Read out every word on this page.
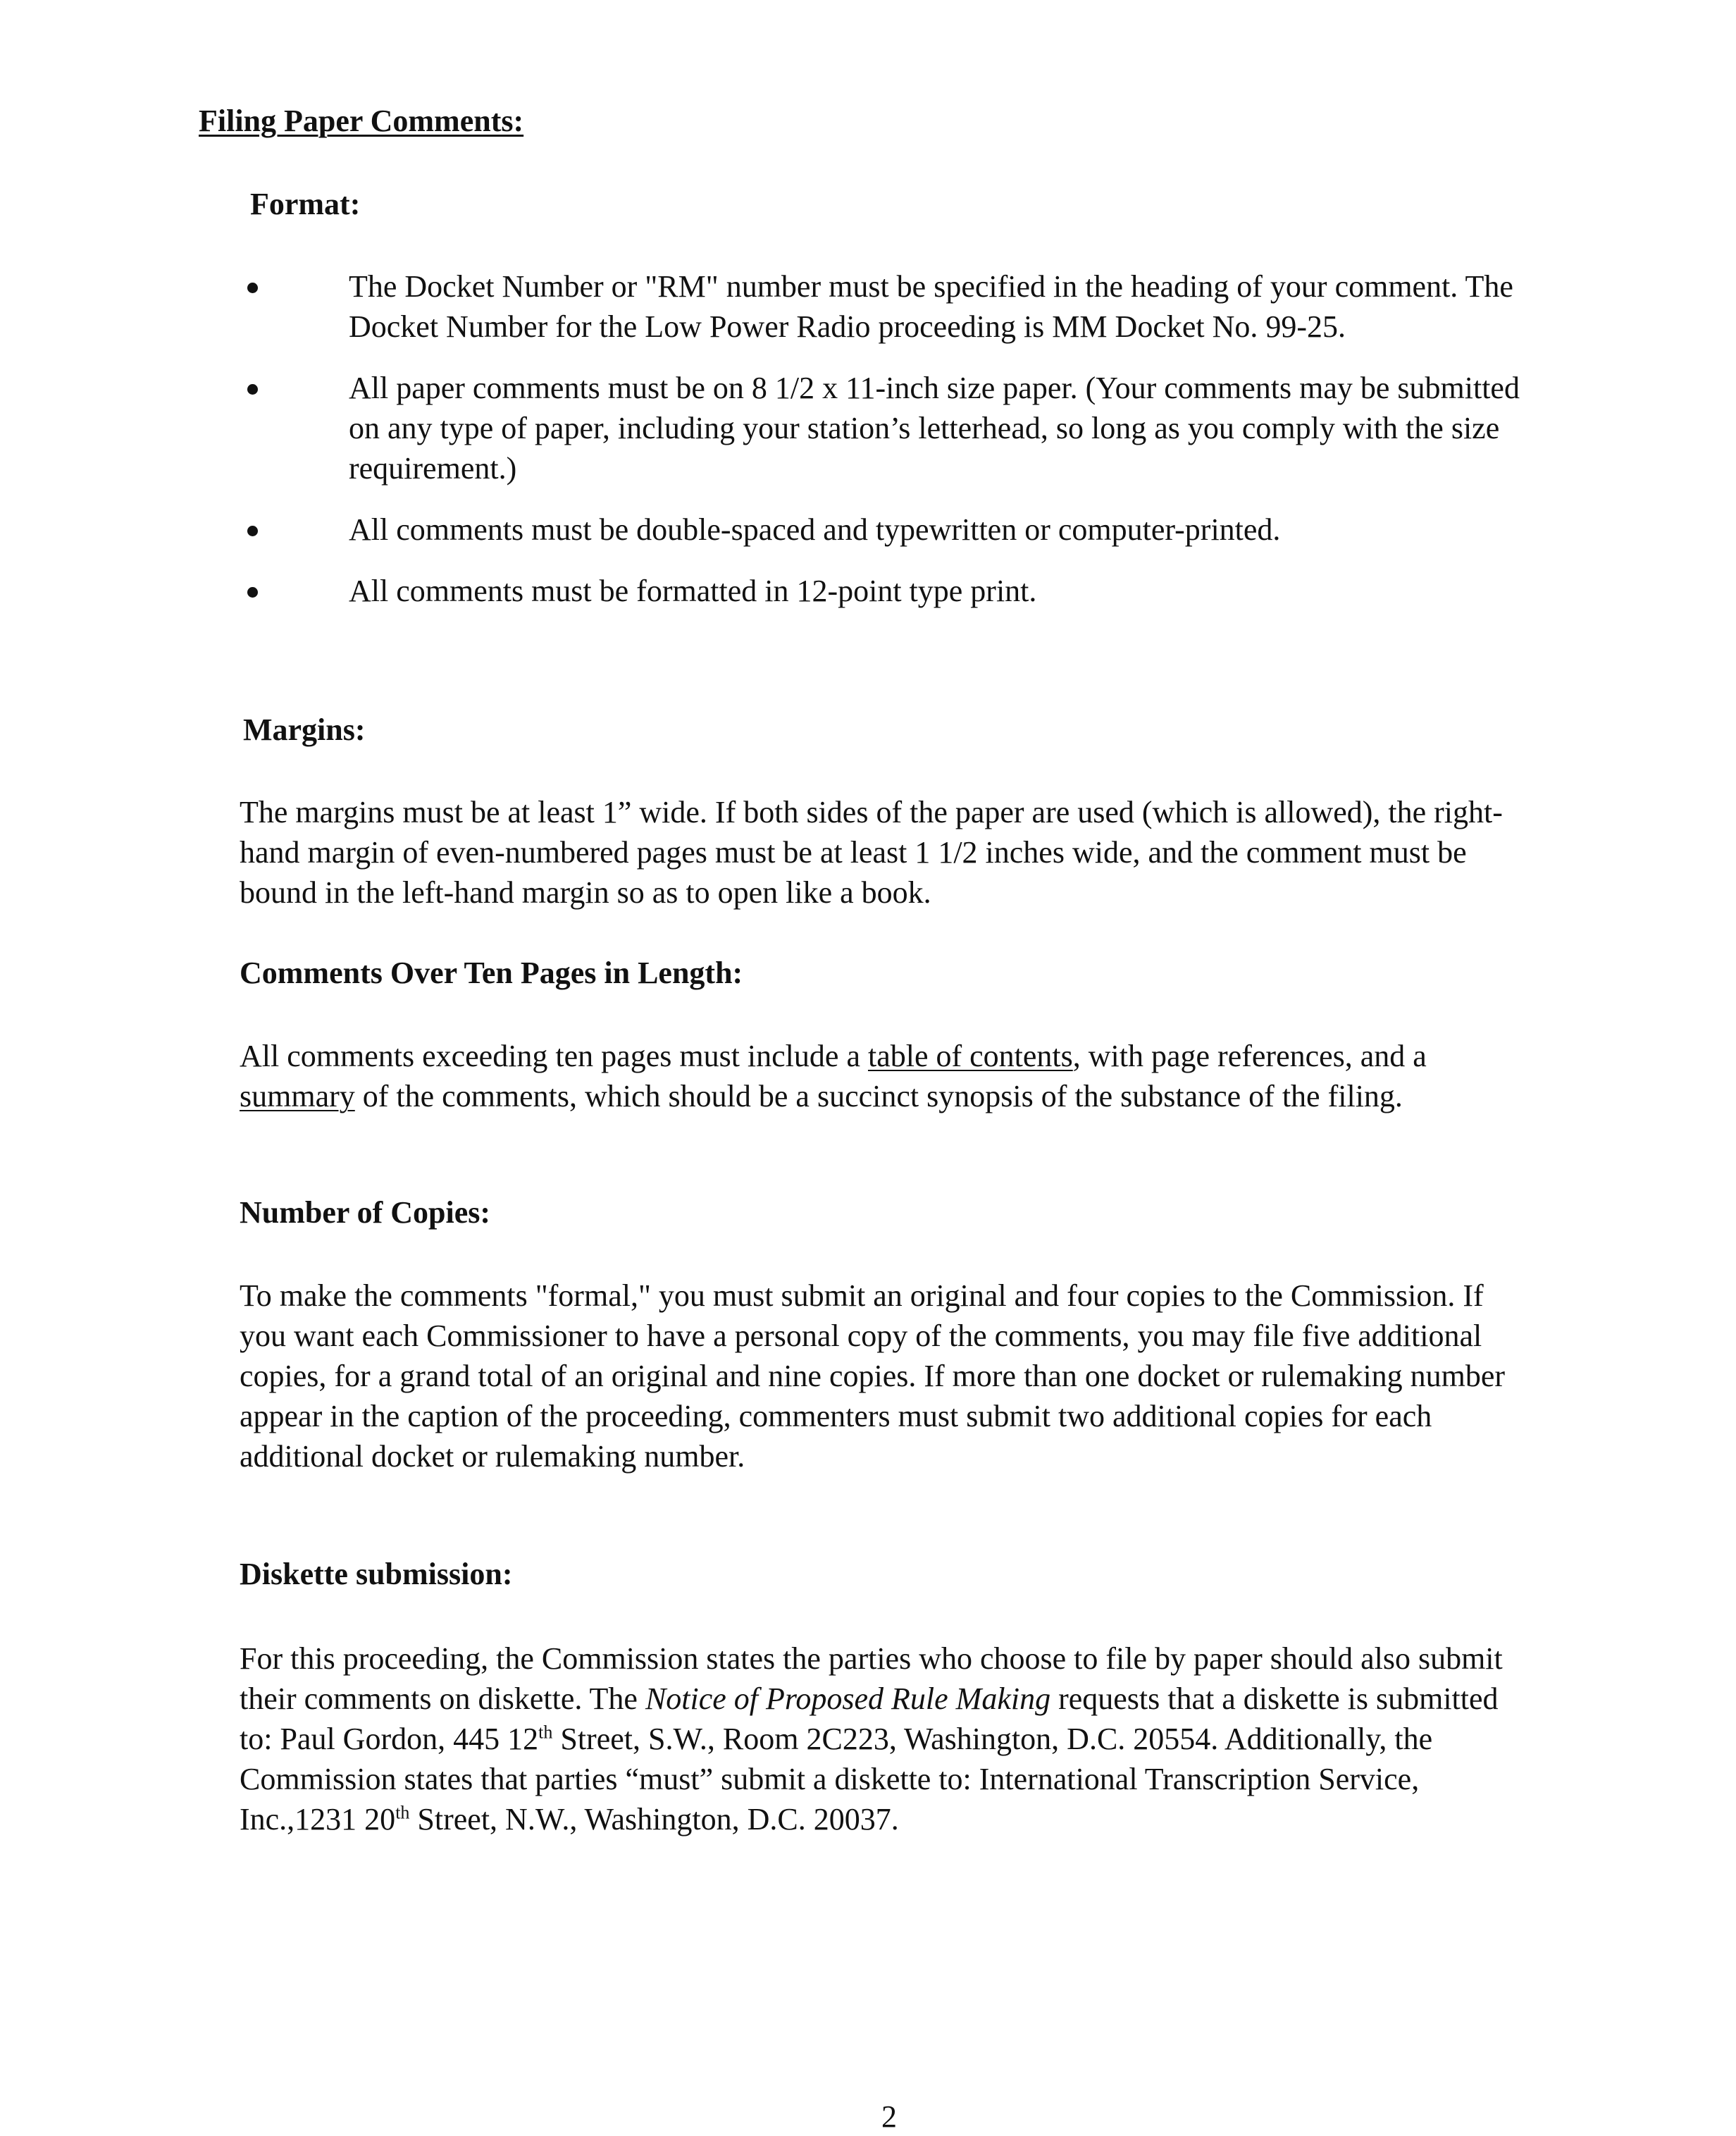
Filing Paper Comments:
Format:
The Docket Number or "RM" number must be specified in the heading of your comment. The Docket Number for the Low Power Radio proceeding is MM Docket No. 99-25.
All paper comments must be on 8 1/2 x 11-inch size paper. (Your comments may be submitted on any type of paper, including your station’s letterhead, so long as you comply with the size requirement.)
All comments must be double-spaced and typewritten or computer-printed.
All comments must be formatted in 12-point type print.
Margins:

The margins must be at least 1” wide. If both sides of the paper are used (which is allowed), the right-hand margin of even-numbered pages must be at least 1 1/2 inches wide, and the comment must be bound in the left-hand margin so as to open like a book.

Comments Over Ten Pages in Length:

All comments exceeding ten pages must include a table of contents, with page references, and a summary of the comments, which should be a succinct synopsis of the substance of the filing.

Number of Copies:

To make the comments "formal," you must submit an original and four copies to the Commission. If you want each Commissioner to have a personal copy of the comments, you may file five additional copies, for a grand total of an original and nine copies. If more than one docket or rulemaking number appear in the caption of the proceeding, commenters must submit two additional copies for each additional docket or rulemaking number.

Diskette submission:

For this proceeding, the Commission states the parties who choose to file by paper should also submit their comments on diskette. The Notice of Proposed Rule Making requests that a diskette is submitted to: Paul Gordon, 445 12th Street, S.W., Room 2C223, Washington, D.C. 20554. Additionally, the Commission states that parties “must” submit a diskette to: International Transcription Service, Inc.,1231 20th Street, N.W., Washington, D.C. 20037.

2
